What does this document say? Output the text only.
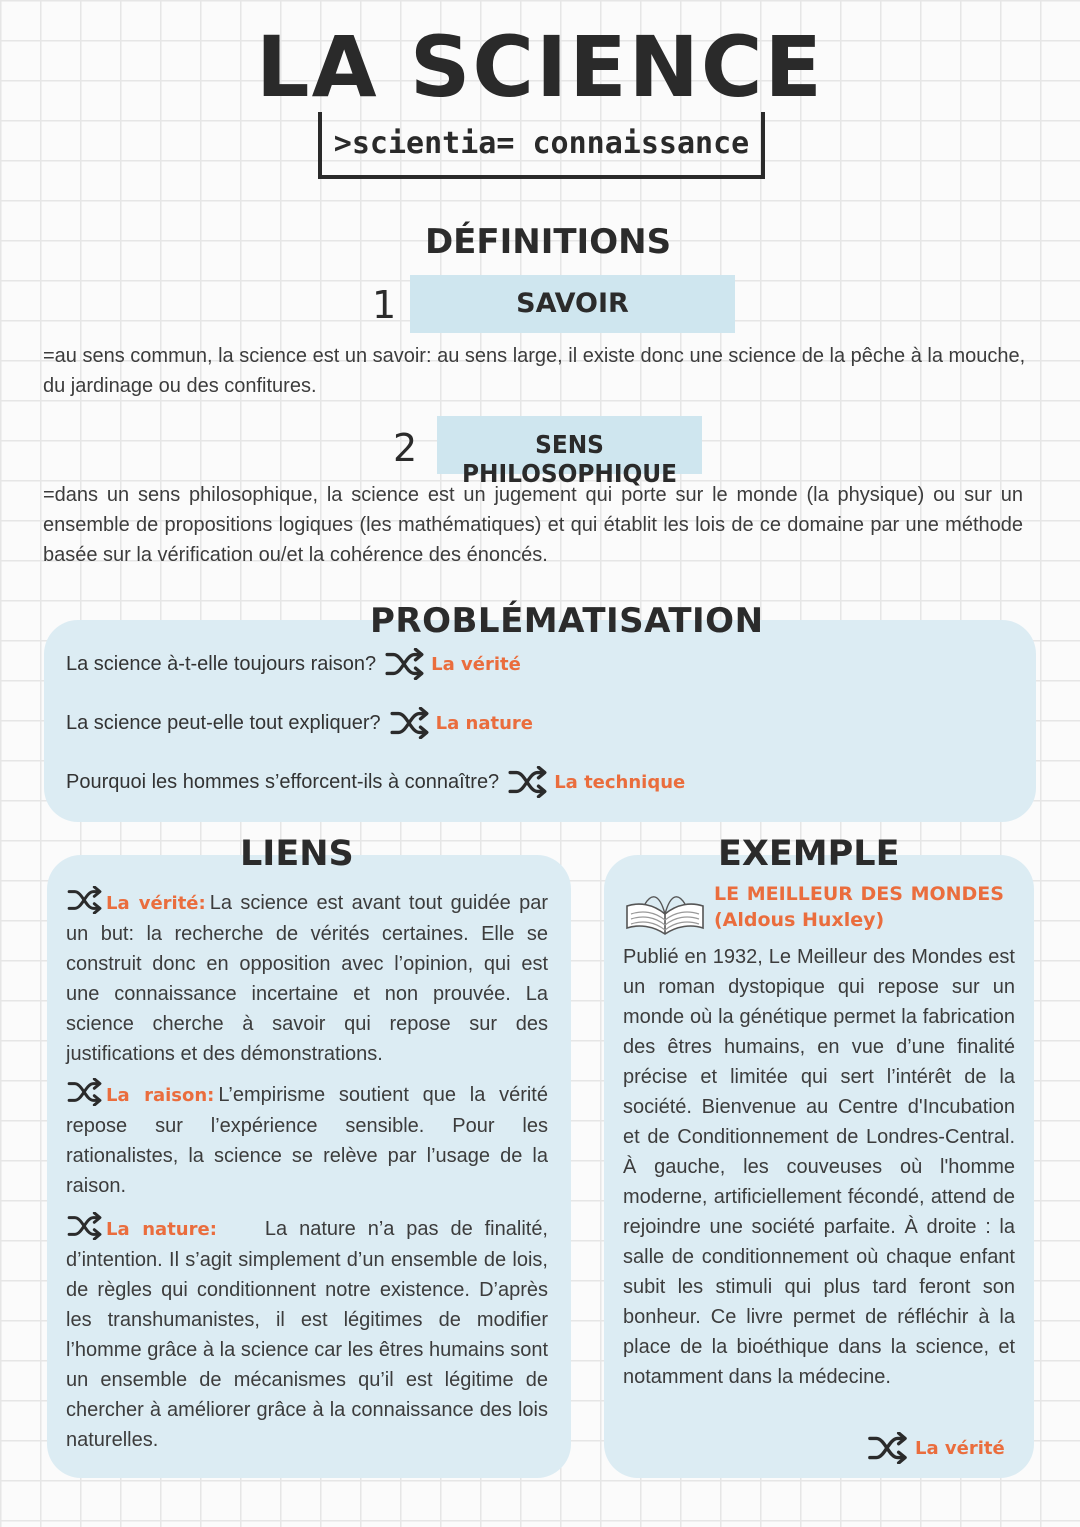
LA SCIENCE
>scientia= connaissance
DÉFINITIONS
1	SAVOIR
=au sens commun, la science est un savoir: au sens large, il existe donc une science de la pêche à la mouche, du jardinage ou des confitures.
2	SENS PHILOSOPHIQUE
=dans un sens philosophique, la science est un jugement qui porte sur le monde (la physique) ou sur un ensemble de propositions logiques (les mathématiques) et qui établit les lois de ce domaine par une méthode basée sur la vérification ou/et la cohérence des énoncés.
PROBLÉMATISATION
La science à-t-elle toujours raison?	La vérité
La science peut-elle tout expliquer?	La nature
Pourquoi les hommes s’efforcent-ils à connaître?	La technique
LIENS
La vérité: La science est avant tout guidée par un but: la recherche de vérités certaines. Elle se construit donc en opposition avec l’opinion, qui est une connaissance incertaine et non prouvée. La science cherche à savoir qui repose sur des justifications et des démonstrations.
La raison: L’empirisme soutient que la vérité repose sur l’expérience sensible. Pour les rationalistes, la science se relève par l’usage de la raison.
La nature: La nature n’a pas de finalité, d’intention. Il s’agit simplement d’un ensemble de lois, de règles qui conditionnent notre existence. D’après les transhumanistes, il est légitimes de modifier l’homme grâce à la science car les êtres humains sont un ensemble de mécanismes qu’il est légitime de chercher à améliorer grâce à la connaissance des lois naturelles.
EXEMPLE
LE MEILLEUR DES MONDES
(Aldous Huxley)
Publié en 1932, Le Meilleur des Mondes est un roman dystopique qui repose sur un monde où la génétique permet la fabrication des êtres humains, en vue d’une finalité précise et limitée qui sert l’intérêt de la société. Bienvenue au Centre d'Incubation et de Conditionnement de Londres-Central. À gauche, les couveuses où l'homme moderne, artificiellement fécondé, attend de rejoindre une société parfaite. À droite : la salle de conditionnement où chaque enfant subit les stimuli qui plus tard feront son bonheur. Ce livre permet de réfléchir à la place de la bioéthique dans la science, et notamment dans la médecine.
La vérité
